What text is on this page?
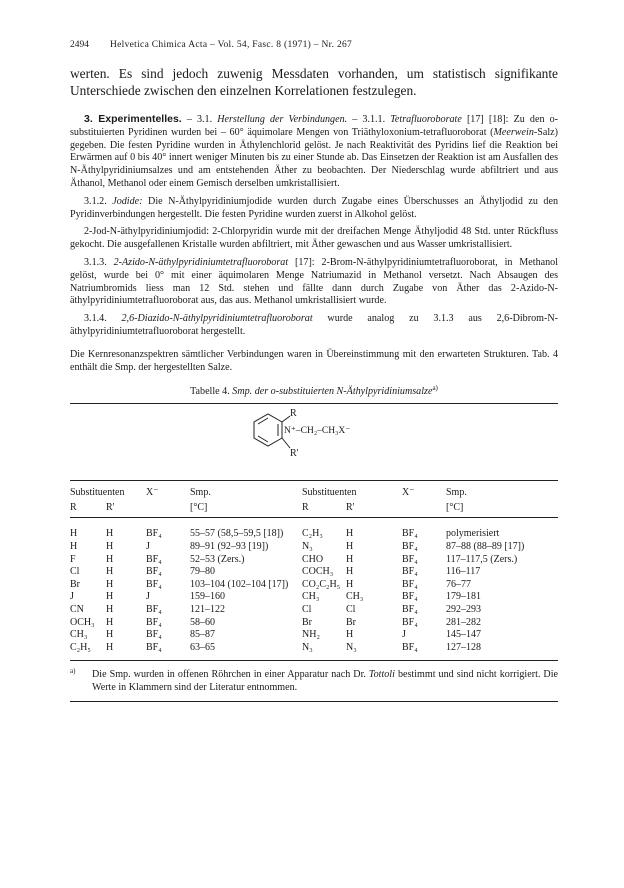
2494	Helvetica Chimica Acta – Vol. 54, Fasc. 8 (1971) – Nr. 267
werten. Es sind jedoch zuwenig Messdaten vorhanden, um statistisch signifikante Unterschiede zwischen den einzelnen Korrelationen festzulegen.

3. Experimentelles. – 3.1. Herstellung der Verbindungen. – 3.1.1. Tetrafluoroborate [17] [18]: Zu den o-substituierten Pyridinen wurden bei – 60° äquimolare Mengen von Triäthyloxonium-tetrafluoroborat (Meerwein-Salz) gegeben. Die festen Pyridine wurden in Äthylenchlorid gelöst. Je nach Reaktivität des Pyridins lief die Reaktion bei Erwärmen auf 0 bis 40° innert weniger Minuten bis zu einer Stunde ab. Das Einsetzen der Reaktion ist am Ausfallen des N-Äthylpyridiniumsalzes und am entstehenden Äther zu beobachten. Der Niederschlag wurde abfiltriert und aus Äthanol, Methanol oder einem Gemisch derselben umkristallisiert.

3.1.2. Jodide: Die N-Äthylpyridiniumjodide wurden durch Zugabe eines Überschusses an Äthyljodid zu den Pyridinverbindungen hergestellt. Die festen Pyridine wurden zuerst in Alkohol gelöst.

2-Jod-N-äthylpyridiniumjodid: 2-Chlorpyridin wurde mit der dreifachen Menge Äthyljodid 48 Std. unter Rückfluss gekocht. Die ausgefallenen Kristalle wurden abfiltriert, mit Äther gewaschen und aus Wasser umkristallisiert.

3.1.3. 2-Azido-N-äthylpyridiniumtetrafluoroborat [17]: 2-Brom-N-äthylpyridiniumtetrafluoroborat, in Methanol gelöst, wurde bei 0° mit einer äquimolaren Menge Natriumazid in Methanol versetzt. Nach Absaugen des Natriumbromids liess man 12 Std. stehen und fällte dann durch Zugabe von Äther das 2-Azido-N-äthylpyridiniumtetrafluoroborat aus, das aus. Methanol umkristallisiert wurde.

3.1.4. 2,6-Diazido-N-äthylpyridiniumtetrafluoroborat wurde analog zu 3.1.3 aus 2,6-Dibrom-N-äthylpyridiniumtetrafluoroborat hergestellt.

Die Kernresonanzspektren sämtlicher Verbindungen waren in Übereinstimmung mit den erwarteten Strukturen. Tab. 4 enthält die Smp. der hergestellten Salze.
Tabelle 4. Smp. der o-substituierten N-Äthylpyridiniumsalze$^{a)}$
R
N⁺–CH₂–CH₃X⁻
R'
Substituenten	X⁻	Smp.	Substituenten	X⁻	Smp.
R	R'	[°C]	R	R'	[°C]
H	H	BF₄	55–57 (58,5–59,5 [18])	C₂H₃	H	BF₄	polymerisiert
H	H	J	89–91 (92–93 [19])	N₃	H	BF₄	87–88 (88–89 [17])
F	H	BF₄	52–53 (Zers.)	CHO	H	BF₄	117–117,5 (Zers.)
Cl	H	BF₄	79–80	COCH₃	H	BF₄	116–117
Br	H	BF₄	103–104 (102–104 [17])	CO₂C₂H₅ H	BF₄	76–77
J	H	J	159–160	CH₃	CH₃	BF₄	179–181
CN	H	BF₄	121–122	Cl	Cl	BF₄	292–293
OCH₃	H	BF₄	58–60	Br	Br	BF₄	281–282
CH₃	H	BF₄	85–87	NH₂	H	J	145–147
C₂H₅	H	BF₄	63–65	N₃	N₃	BF₄	127–128
$^{a)}$	Die Smp. wurden in offenen Röhrchen in einer Apparatur nach Dr. Tottoli bestimmt und sind nicht korrigiert. Die Werte in Klammern sind der Literatur entnommen.
